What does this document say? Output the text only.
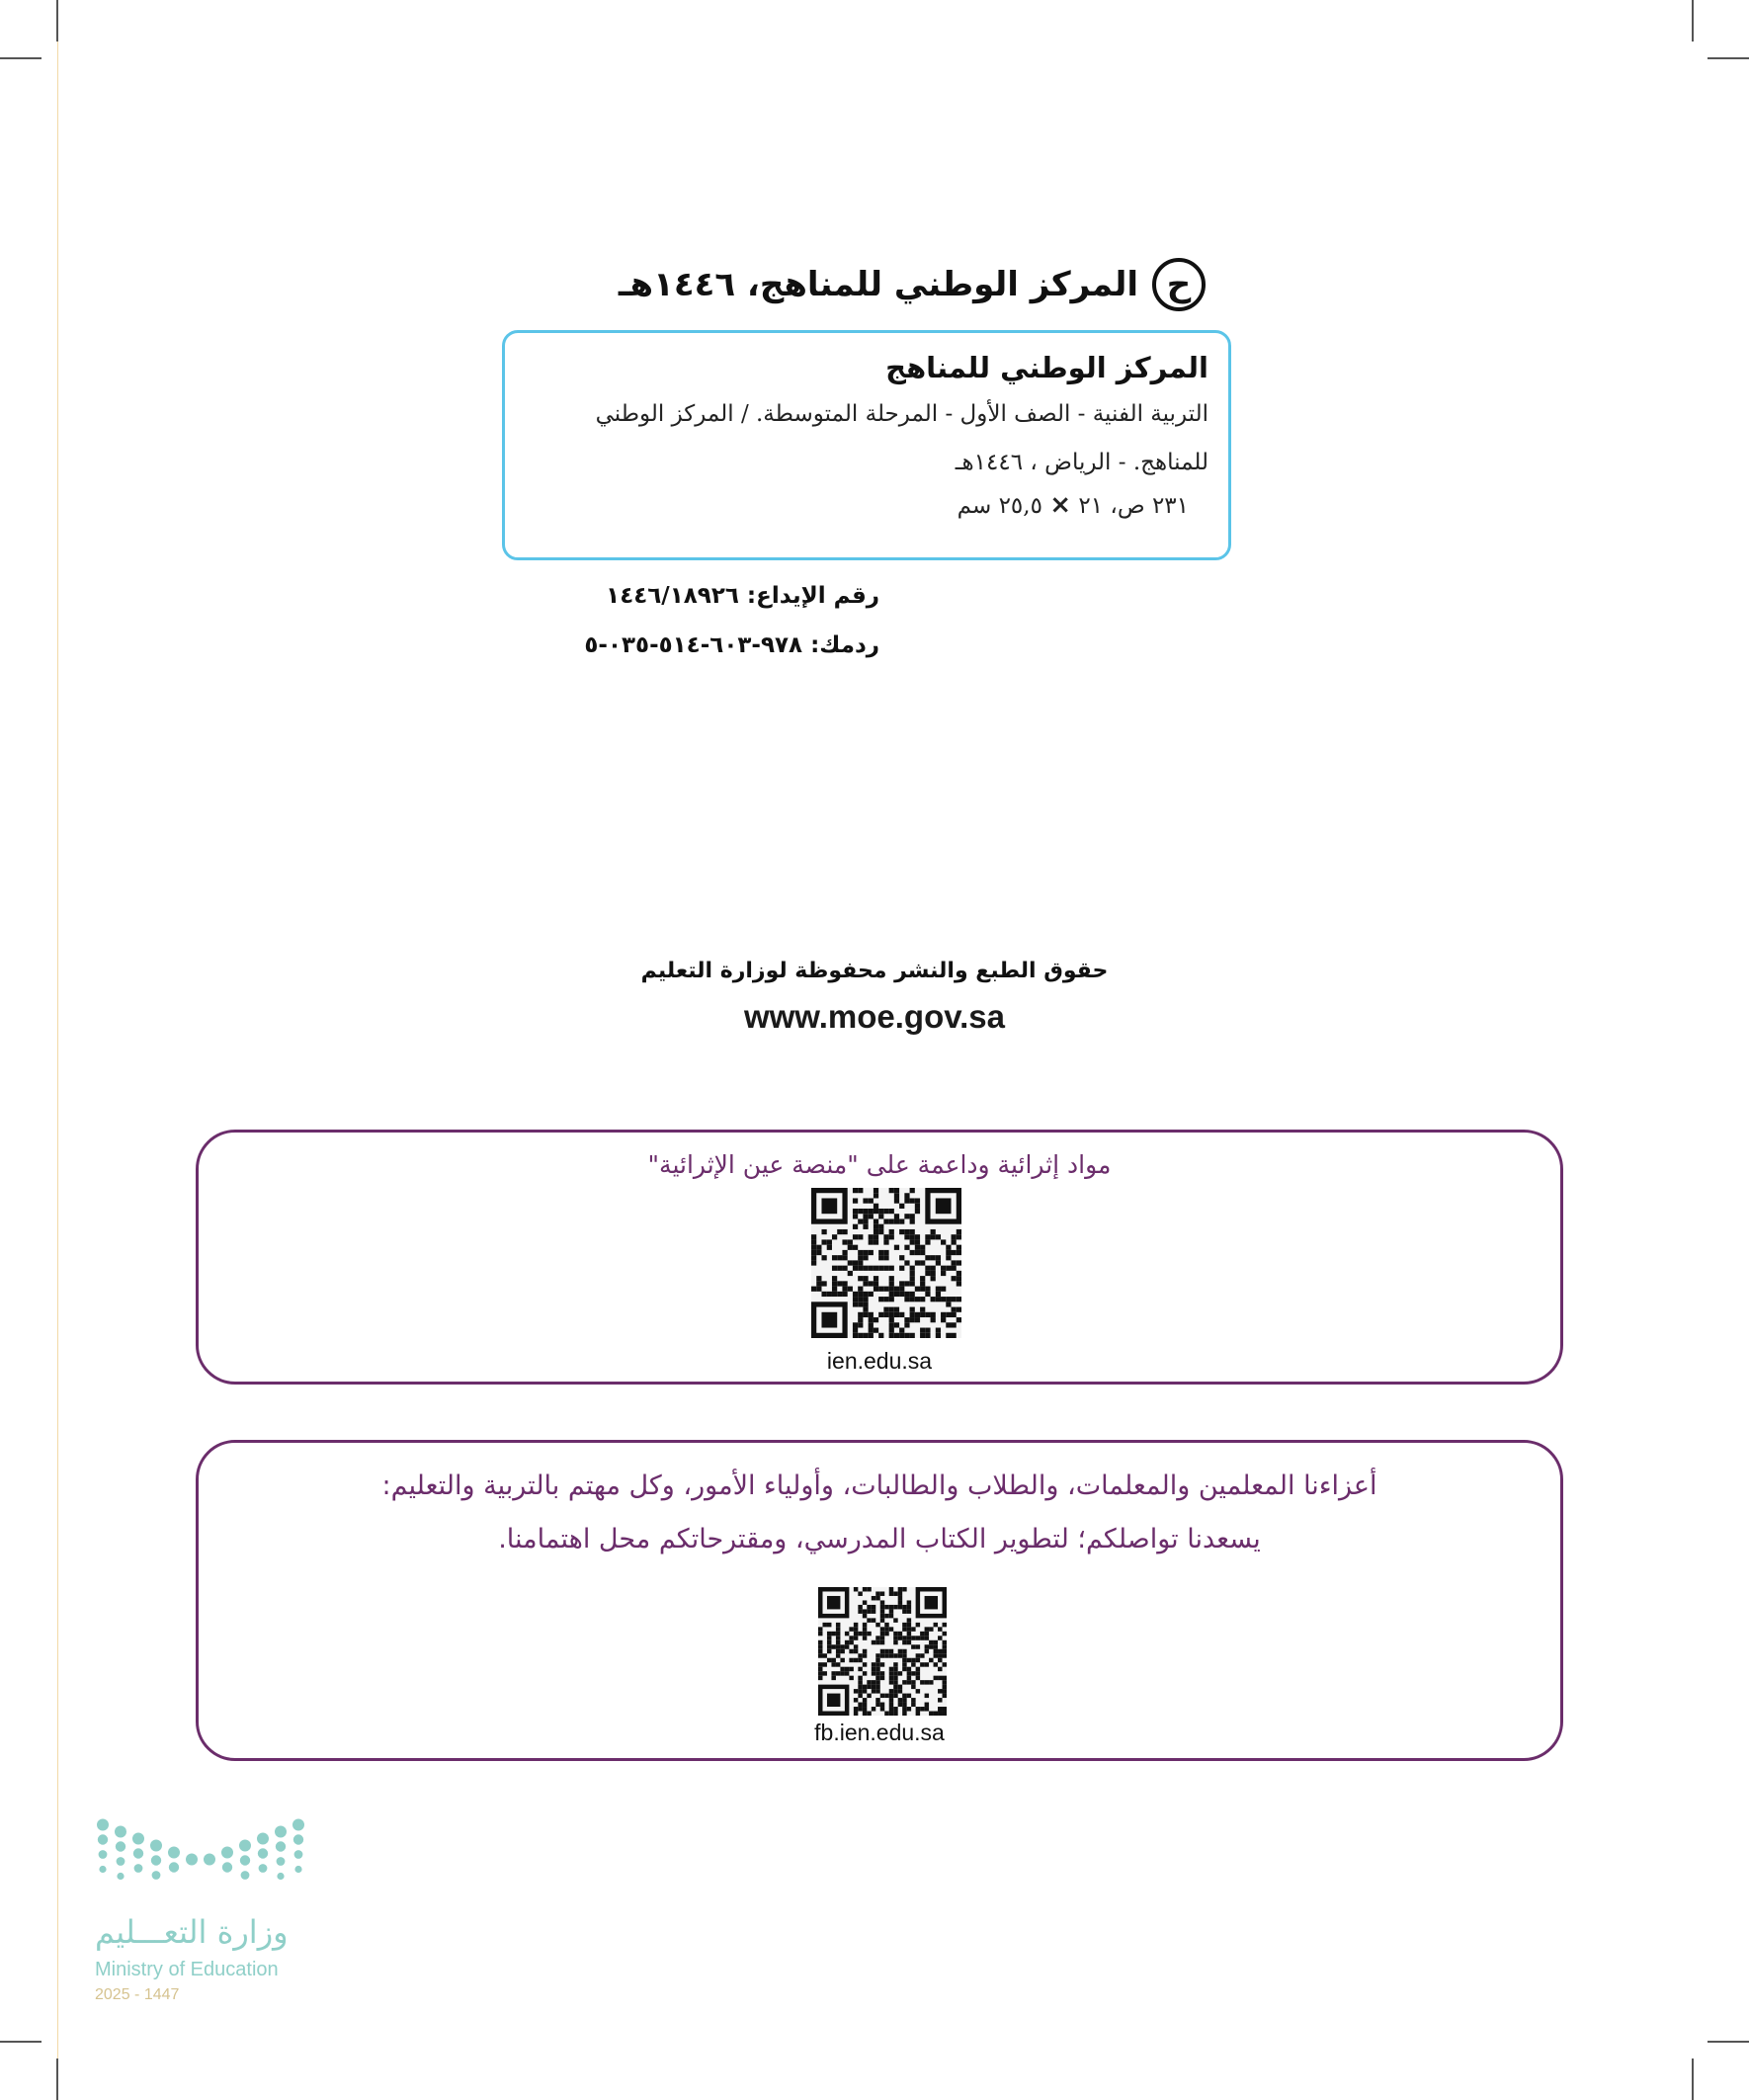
ح
المركز الوطني للمناهج، ١٤٤٦هـ
المركز الوطني للمناهج
التربية الفنية - الصف الأول - المرحلة المتوسطة. / المركز الوطني
للمناهج. - الرياض ، ١٤٤٦هـ
٢٣١ ص، ٢١ × ٢٥,٥ سم
رقم الإيداع: ١٤٤٦/١٨٩٢٦
ردمك: ٩٧٨-٦٠٣-٥١٤-٠٣٥-٥
حقوق الطبع والنشر محفوظة لوزارة التعليم
www.moe.gov.sa
مواد إثرائية وداعمة على "منصة عين الإثرائية"
ien.edu.sa
أعزاءنا المعلمين والمعلمات، والطلاب والطالبات، وأولياء الأمور، وكل مهتم بالتربية والتعليم:
يسعدنا تواصلكم؛ لتطوير الكتاب المدرسي، ومقترحاتكم محل اهتمامنا.
fb.ien.edu.sa
وزارة التعـــليم
Ministry of Education
2025 - 1447
